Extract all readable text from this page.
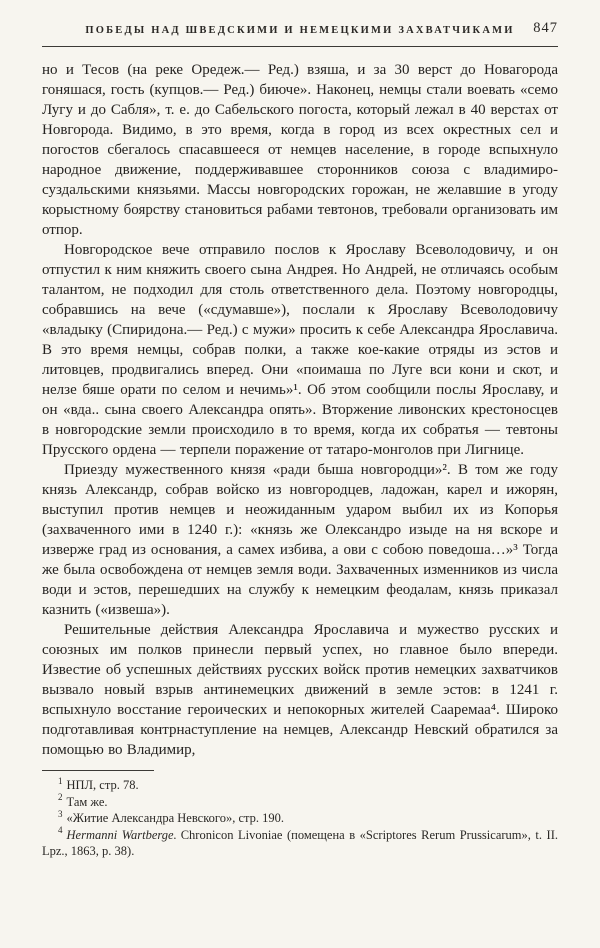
ПОБЕДЫ НАД ШВЕДСКИМИ И НЕМЕЦКИМИ ЗАХВАТЧИКАМИ	847

но и Тесов (на реке Оредеж.— Ред.) взяша, и за 30 верст до Новагорода гоняшася, гость (купцов.— Ред.) биюче». Наконец, немцы стали воевать «семо Лугу и до Сабля», т. е. до Сабельского погоста, который лежал в 40 верстах от Новгорода. Видимо, в это время, когда в город из всех окрестных сел и погостов сбегалось спасавшееся от немцев население, в городе вспыхнуло народное движение, поддерживавшее сторонников союза с владимиро-суздальскими князьями. Массы новгородских горожан, не желавшие в угоду корыстному боярству становиться рабами тевтонов, требовали организовать им отпор.

Новгородское вече отправило послов к Ярославу Всеволодовичу, и он отпустил к ним княжить своего сына Андрея. Но Андрей, не отличаясь особым талантом, не подходил для столь ответственного дела. Поэтому новгородцы, собравшись на вече («сдумавше»), послали к Ярославу Всеволодовичу «владыку (Спиридона.— Ред.) с мужи» просить к себе Александра Ярославича. В это время немцы, собрав полки, а также кое-какие отряды из эстов и литовцев, продвигались вперед. Они «поимаша по Луге вси кони и скот, и нелзе бяше орати по селом и нечимь»¹. Об этом сообщили послы Ярославу, и он «вда.. сына своего Александра опять». Вторжение ливонских крестоносцев в новгородские земли происходило в то время, когда их собратья — тевтоны Прусского ордена — терпели поражение от татаро-монголов при Лигнице.

Приезду мужественного князя «ради быша новгородци»². В том же году князь Александр, собрав войско из новгородцев, ладожан, карел и ижорян, выступил против немцев и неожиданным ударом выбил их из Копорья (захваченного ими в 1240 г.): «князь же Олександро изыде на ня вскоре и изверже град из основания, а самех избива, а ови с собою поведоша…»³ Тогда же была освобождена от немцев земля води. Захваченных изменников из числа води и эстов, перешедших на службу к немецким феодалам, князь приказал казнить («извеша»).

Решительные действия Александра Ярославича и мужество русских и союзных им полков принесли первый успех, но главное было впереди. Известие об успешных действиях русских войск против немецких захватчиков вызвало новый взрыв антинемецких движений в земле эстов: в 1241 г. вспыхнуло восстание героических и непокорных жителей Сааремаа⁴. Широко подготавливая контрнаступление на немцев, Александр Невский обратился за помощью во Владимир,

$^1$ НПЛ, стр. 78.

$^2$ Там же.

$^3$ «Житие Александра Невского», стр. 190.

$^4$ Hermanni Wartberge. Chronicon Livoniae (помещена в «Scriptores Rerum Prussicarum», t. II. Lpz., 1863, p. 38).
